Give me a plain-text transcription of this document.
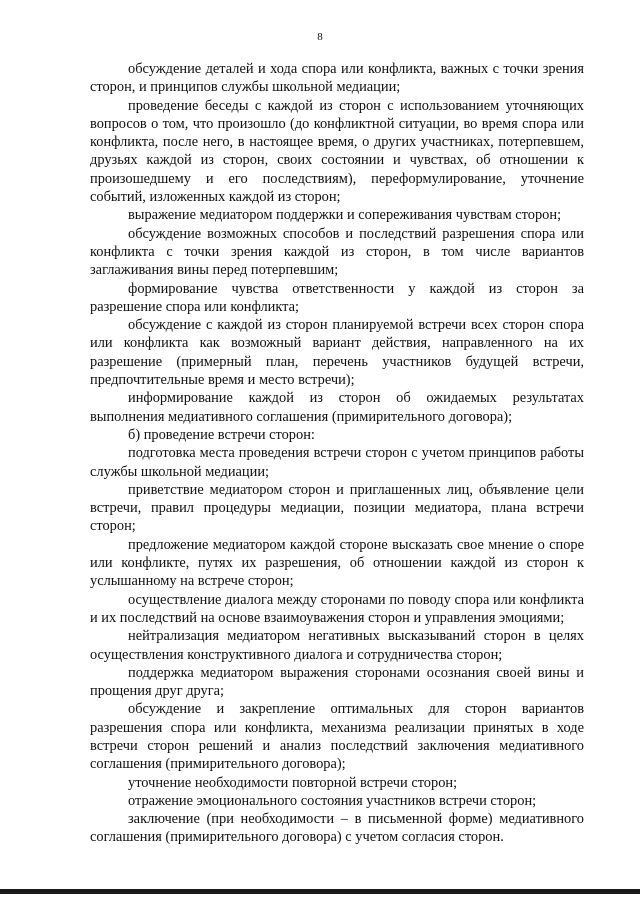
8

обсуждение деталей и хода спора или конфликта, важных с точки зрения сторон, и принципов службы школьной медиации;

проведение беседы с каждой из сторон с использованием уточняющих вопросов о том, что произошло (до конфликтной ситуации, во время спора или конфликта, после него, в настоящее время, о других участниках, потерпевшем, друзьях каждой из сторон, своих состоянии и чувствах, об отношении к произошедшему и его последствиям), переформулирование, уточнение событий, изложенных каждой из сторон;

выражение медиатором поддержки и сопереживания чувствам сторон;

обсуждение возможных способов и последствий разрешения спора или конфликта с точки зрения каждой из сторон, в том числе вариантов заглаживания вины перед потерпевшим;

формирование чувства ответственности у каждой из сторон за разрешение спора или конфликта;

обсуждение с каждой из сторон планируемой встречи всех сторон спора или конфликта как возможный вариант действия, направленного на их разрешение (примерный план, перечень участников будущей встречи, предпочтительные время и место встречи);

информирование каждой из сторон об ожидаемых результатах выполнения медиативного соглашения (примирительного договора);

б) проведение встречи сторон:

подготовка места проведения встречи сторон с учетом принципов работы службы школьной медиации;

приветствие медиатором сторон и приглашенных лиц, объявление цели встречи, правил процедуры медиации, позиции медиатора, плана встречи сторон;

предложение медиатором каждой стороне высказать свое мнение о споре или конфликте, путях их разрешения, об отношении каждой из сторон к услышанному на встрече сторон;

осуществление диалога между сторонами по поводу спора или конфликта и их последствий на основе взаимоуважения сторон и управления эмоциями;

нейтрализация медиатором негативных высказываний сторон в целях осуществления конструктивного диалога и сотрудничества сторон;

поддержка медиатором выражения сторонами осознания своей вины и прощения друг друга;

обсуждение и закрепление оптимальных для сторон вариантов разрешения спора или конфликта, механизма реализации принятых в ходе встречи сторон решений и анализ последствий заключения медиативного соглашения (примирительного договора);

уточнение необходимости повторной встречи сторон;

отражение эмоционального состояния участников встречи сторон;

заключение (при необходимости – в письменной форме) медиативного соглашения (примирительного договора) с учетом согласия сторон.
